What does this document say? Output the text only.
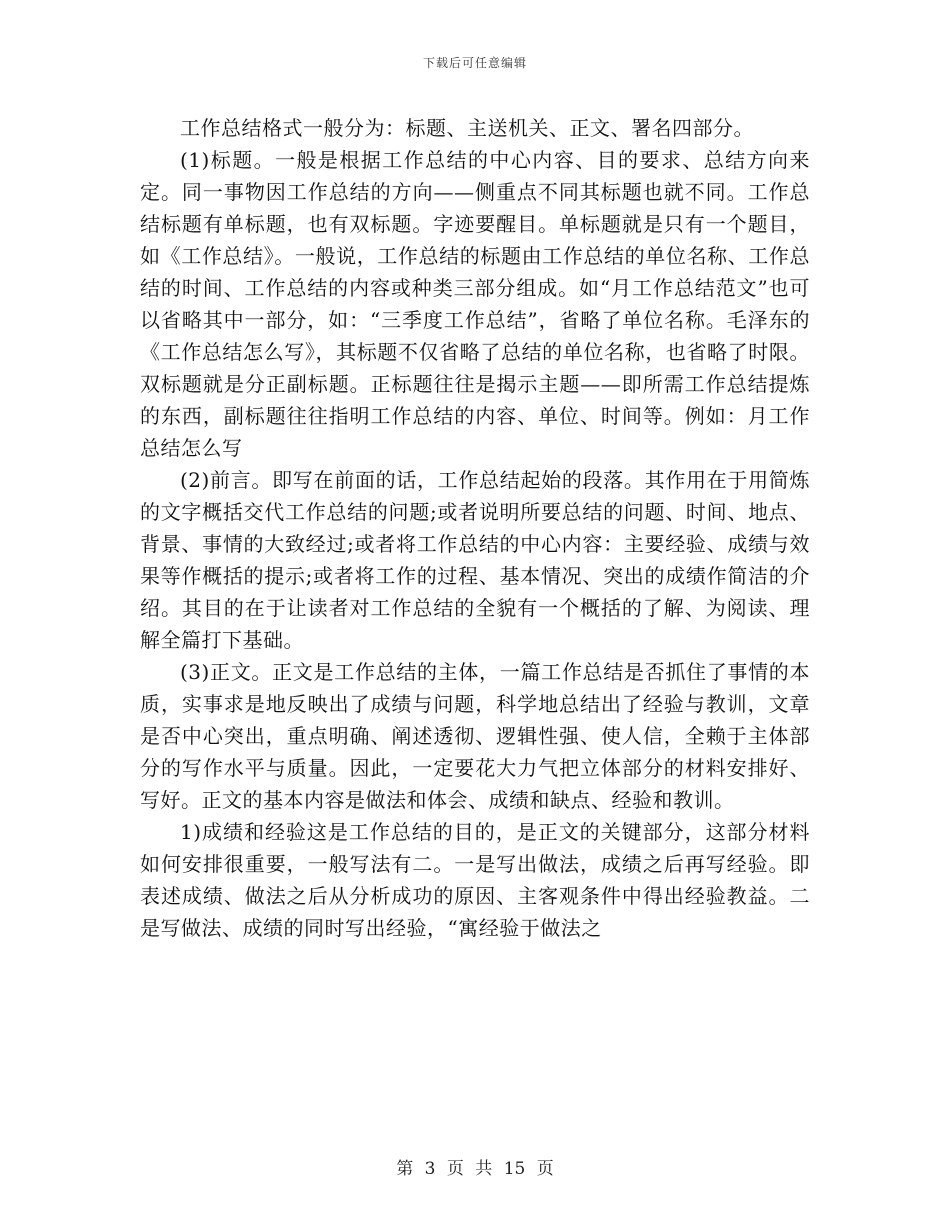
下载后可任意编辑

工作总结格式一般分为：标题、主送机关、正文、署名四部分。

(1)标题。一般是根据工作总结的中心内容、目的要求、总结方向来定。同一事物因工作总结的方向——侧重点不同其标题也就不同。工作总结标题有单标题，也有双标题。字迹要醒目。单标题就是只有一个题目，如《工作总结》。一般说，工作总结的标题由工作总结的单位名称、工作总结的时间、工作总结的内容或种类三部分组成。如“月工作总结范文”也可以省略其中一部分，如：“三季度工作总结”，省略了单位名称。毛泽东的《工作总结怎么写》，其标题不仅省略了总结的单位名称，也省略了时限。双标题就是分正副标题。正标题往往是揭示主题——即所需工作总结提炼的东西，副标题往往指明工作总结的内容、单位、时间等。例如：月工作总结怎么写

(2)前言。即写在前面的话，工作总结起始的段落。其作用在于用简炼的文字概括交代工作总结的问题;或者说明所要总结的问题、时间、地点、背景、事情的大致经过;或者将工作总结的中心内容：主要经验、成绩与效果等作概括的提示;或者将工作的过程、基本情况、突出的成绩作简洁的介绍。其目的在于让读者对工作总结的全貌有一个概括的了解、为阅读、理解全篇打下基础。

(3)正文。正文是工作总结的主体，一篇工作总结是否抓住了事情的本质，实事求是地反映出了成绩与问题，科学地总结出了经验与教训，文章是否中心突出，重点明确、阐述透彻、逻辑性强、使人信，全赖于主体部分的写作水平与质量。因此，一定要花大力气把立体部分的材料安排好、写好。正文的基本内容是做法和体会、成绩和缺点、经验和教训。

1)成绩和经验这是工作总结的目的，是正文的关键部分，这部分材料如何安排很重要，一般写法有二。一是写出做法，成绩之后再写经验。即表述成绩、做法之后从分析成功的原因、主客观条件中得出经验教益。二是写做法、成绩的同时写出经验，“寓经验于做法之

第 3 页 共 15 页
